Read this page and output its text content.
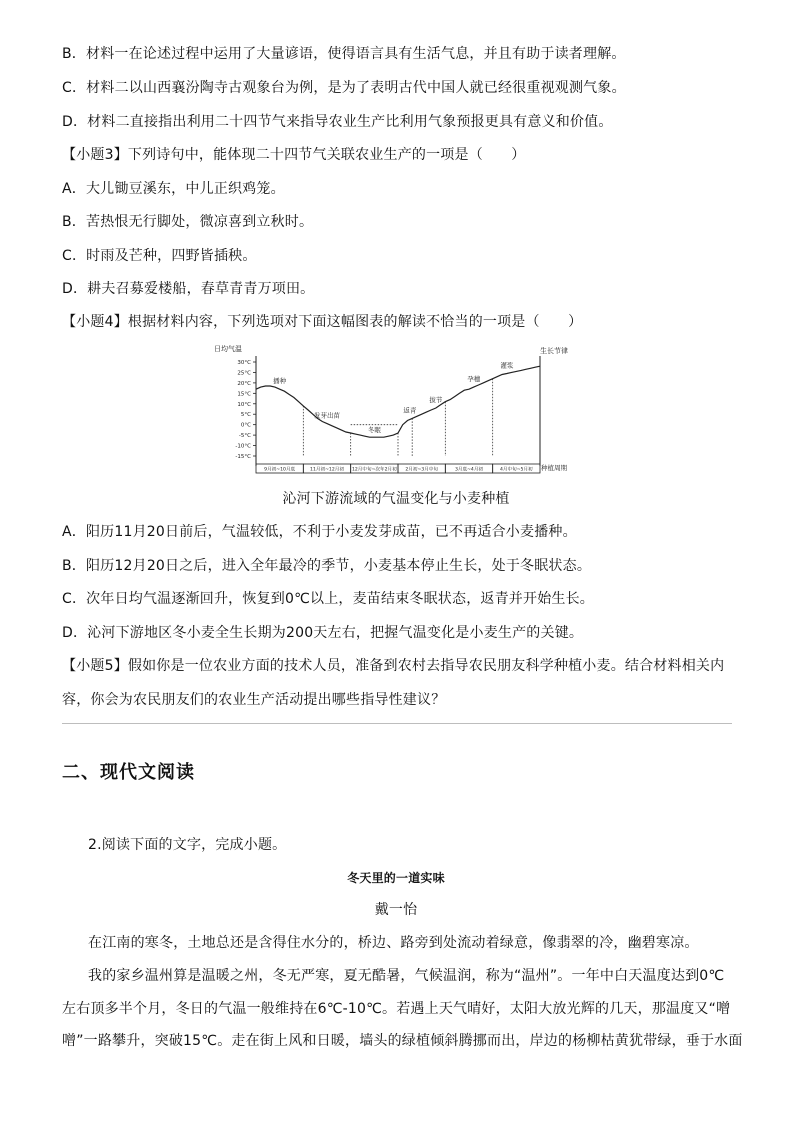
B．材料一在论述过程中运用了大量谚语，使得语言具有生活气息，并且有助于读者理解。
C．材料二以山西襄汾陶寺古观象台为例，是为了表明古代中国人就已经很重视观测气象。
D．材料二直接指出利用二十四节气来指导农业生产比利用气象预报更具有意义和价值。
【小题3】下列诗句中，能体现二十四节气关联农业生产的一项是（　　）
A．大儿锄豆溪东，中儿正织鸡笼。
B．苦热恨无行脚处，微凉喜到立秋时。
C．时雨及芒种，四野皆插秧。
D．耕夫召募爱楼船，春草青青万项田。
【小题4】根据材料内容，下列选项对下面这幅图表的解读不恰当的一项是（　　）
日均气温	生长节律
种植周期
30°C
25°C
20°C
15°C
10°C
5°C
0°C
-5°C
-10°C
-15°C
播种
发芽出苗
冬眠
返青
拔节
孕穗
灌浆
9月初~10月底	11月初~12月初 12月中旬~次年2月初 2月初~3月中旬	3月底~4月初	4月中旬~5月初
沁河下游流域的气温变化与小麦种植
A．阳历11月20日前后，气温较低，不利于小麦发芽成苗，已不再适合小麦播种。
B．阳历12月20日之后，进入全年最冷的季节，小麦基本停止生长，处于冬眠状态。
C．次年日均气温逐渐回升，恢复到0℃以上，麦苗结束冬眠状态，返青并开始生长。
D．沁河下游地区冬小麦全生长期为200天左右，把握气温变化是小麦生产的关键。
【小题5】假如你是一位农业方面的技术人员，准备到农村去指导农民朋友科学种植小麦。结合材料相关内
容，你会为农民朋友们的农业生产活动提出哪些指导性建议？
二、现代文阅读
2.阅读下面的文字，完成小题。
冬天里的一道实味
戴一怡
在江南的寒冬，土地总还是含得住水分的，桥边、路旁到处流动着绿意，像翡翠的冷，幽碧寒凉。
我的家乡温州算是温暖之州，冬无严寒，夏无酷暑，气候温润，称为“温州”。一年中白天温度达到0℃
左右顶多半个月，冬日的气温一般维持在6℃-10℃。若遇上天气晴好，太阳大放光辉的几天，那温度又“噌
噌”一路攀升，突破15℃。走在街上风和日暖，墙头的绿植倾斜腾挪而出，岸边的杨柳枯黄犹带绿，垂于水面
